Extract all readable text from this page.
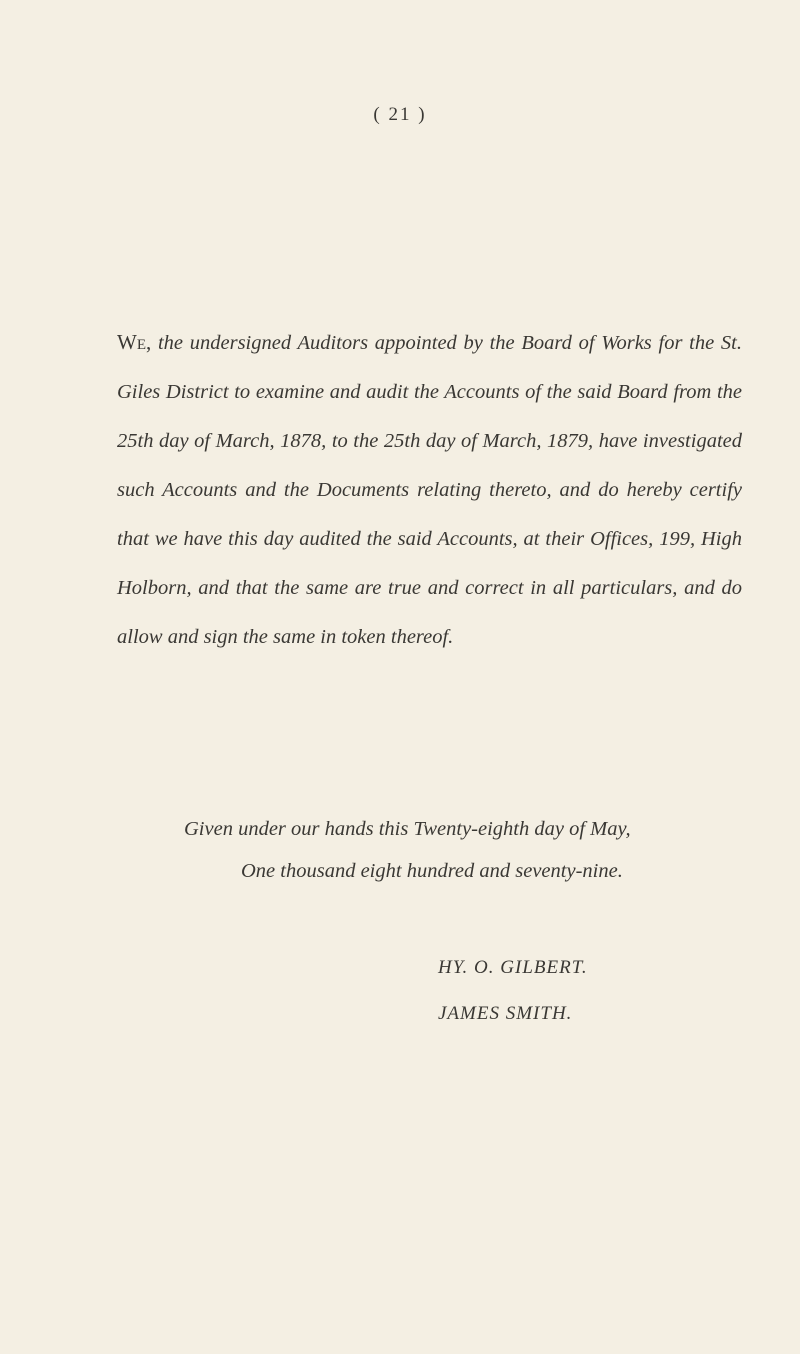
( 21 )
We, the undersigned Auditors appointed by the Board of Works for the St. Giles District to examine and audit the Accounts of the said Board from the 25th day of March, 1878, to the 25th day of March, 1879, have investigated such Accounts and the Documents relating thereto, and do hereby certify that we have this day audited the said Accounts, at their Offices, 199, High Holborn, and that the same are true and correct in all particulars, and do allow and sign the same in token thereof.
Given under our hands this Twenty-eighth day of May,
One thousand eight hundred and seventy-nine.
HY. O. GILBERT.
JAMES SMITH.
